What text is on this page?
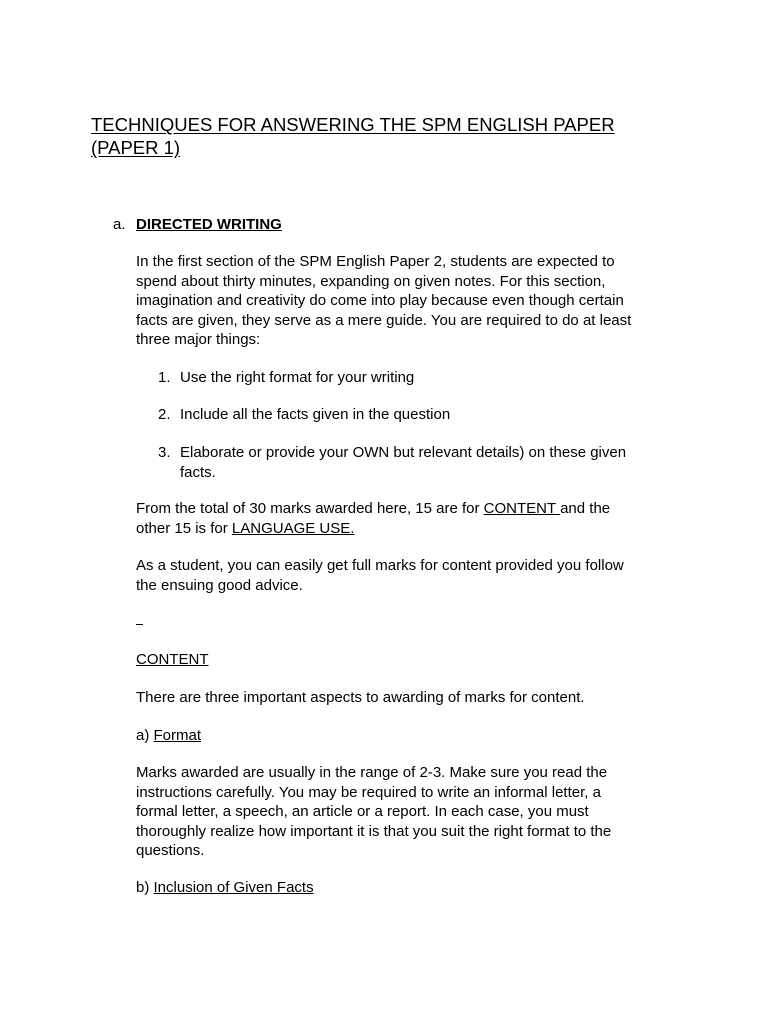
TECHNIQUES FOR ANSWERING THE SPM ENGLISH PAPER
(PAPER 1)
a. DIRECTED WRITING
In the first section of the SPM English Paper 2, students are expected to
spend about thirty minutes, expanding on given notes. For this section,
imagination and creativity do come into play because even though certain
facts are given, they serve as a mere guide. You are required to do at least
three major things:
1. Use the right format for your writing
2. Include all the facts given in the question
3. Elaborate or provide your OWN but relevant details) on these given
facts.
From the total of 30 marks awarded here, 15 are for CONTENT and the
other 15 is for LANGUAGE USE.
As a student, you can easily get full marks for content provided you follow
the ensuing good advice.
CONTENT
There are three important aspects to awarding of marks for content.
a) Format
Marks awarded are usually in the range of 2-3. Make sure you read the
instructions carefully. You may be required to write an informal letter, a
formal letter, a speech, an article or a report. In each case, you must
thoroughly realize how important it is that you suit the right format to the
questions.
b) Inclusion of Given Facts
